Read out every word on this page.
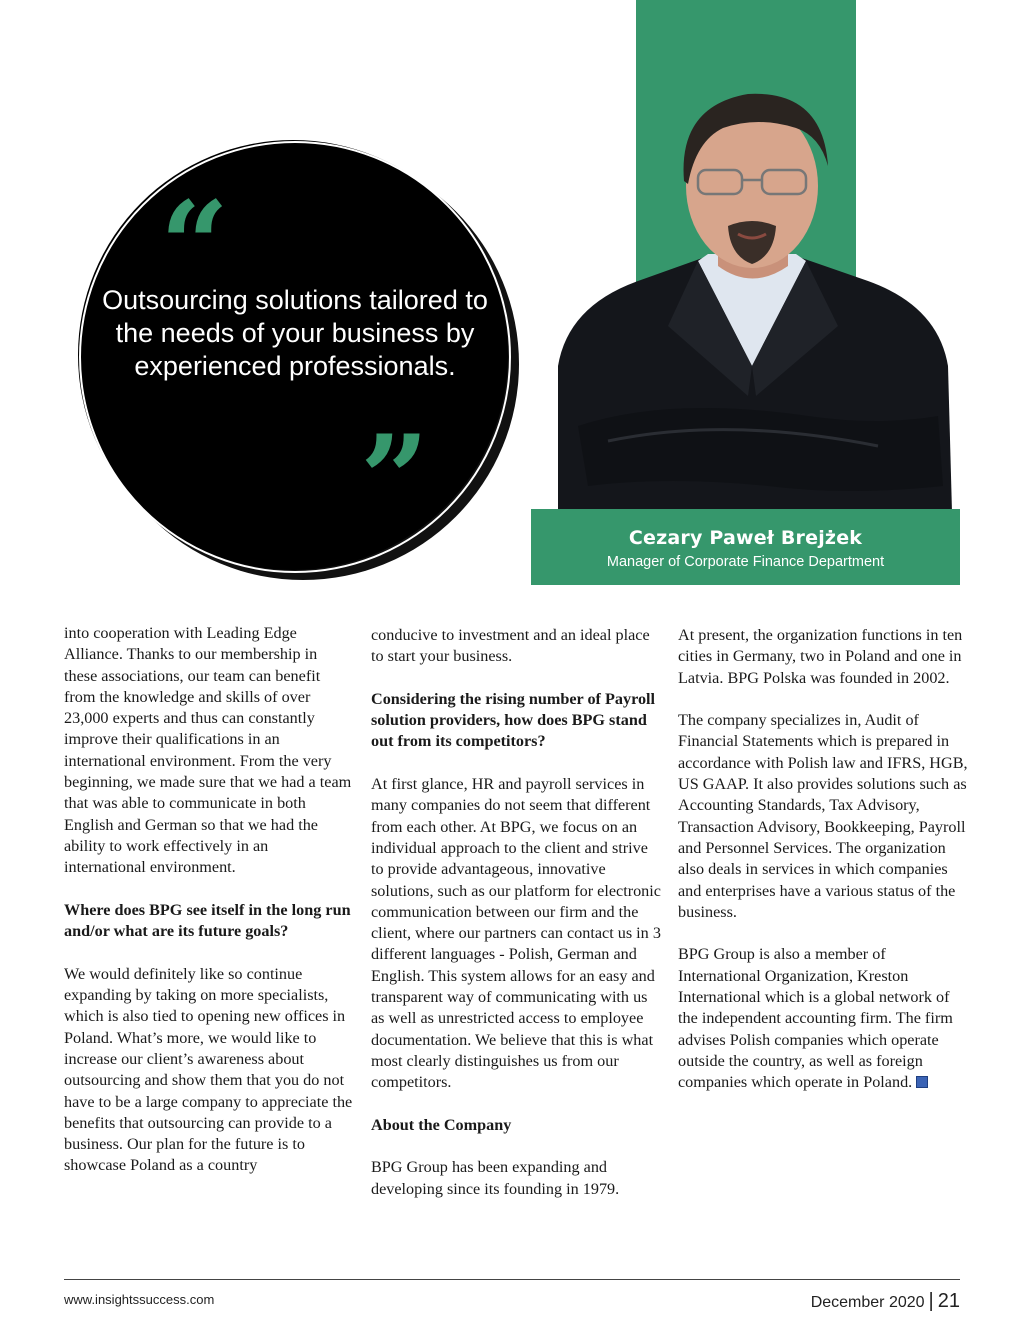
Cezary Paweł Brejżek
Manager of Corporate Finance Department
“
Outsourcing solutions tailored to the needs of your business by experienced professionals.
”

into cooperation with Leading Edge Alliance. Thanks to our membership in these associations, our team can benefit from the knowledge and skills of over 23,000 experts and thus can constantly improve their qualifications in an international environment. From the very beginning, we made sure that we had a team that was able to communicate in both English and German so that we had the ability to work effectively in an international environment.

Where does BPG see itself in the long run and/or what are its future goals?

We would definitely like so continue expanding by taking on more specialists, which is also tied to opening new offices in Poland. What’s more, we would like to increase our client’s awareness about outsourcing and show them that you do not have to be a large company to appreciate the benefits that outsourcing can provide to a business. Our plan for the future is to showcase Poland as a country

conducive to investment and an ideal place to start your business.

Considering the rising number of Payroll solution providers, how does BPG stand out from its competitors?

At first glance, HR and payroll services in many companies do not seem that different from each other. At BPG, we focus on an individual approach to the client and strive to provide advantageous, innovative solutions, such as our platform for electronic communication between our firm and the client, where our partners can contact us in 3 different languages - Polish, German and English. This system allows for an easy and transparent way of communicating with us as well as unrestricted access to employee documentation. We believe that this is what most clearly distinguishes us from our competitors.

About the Company

BPG Group has been expanding and developing since its founding in 1979.

At present, the organization functions in ten cities in Germany, two in Poland and one in Latvia. BPG Polska was founded in 2002.

The company specializes in, Audit of Financial Statements which is prepared in accordance with Polish law and IFRS, HGB, US GAAP. It also provides solutions such as Accounting Standards, Tax Advisory, Transaction Advisory, Bookkeeping, Payroll and Personnel Services. The organization also deals in services in which companies and enterprises have a various status of the business.

BPG Group is also a member of International Organization, Kreston International which is a global network of the independent accounting firm. The firm advises Polish companies which operate outside the country, as well as foreign companies which operate in Poland.

www.insightssuccess.com	December 2020 | 21
